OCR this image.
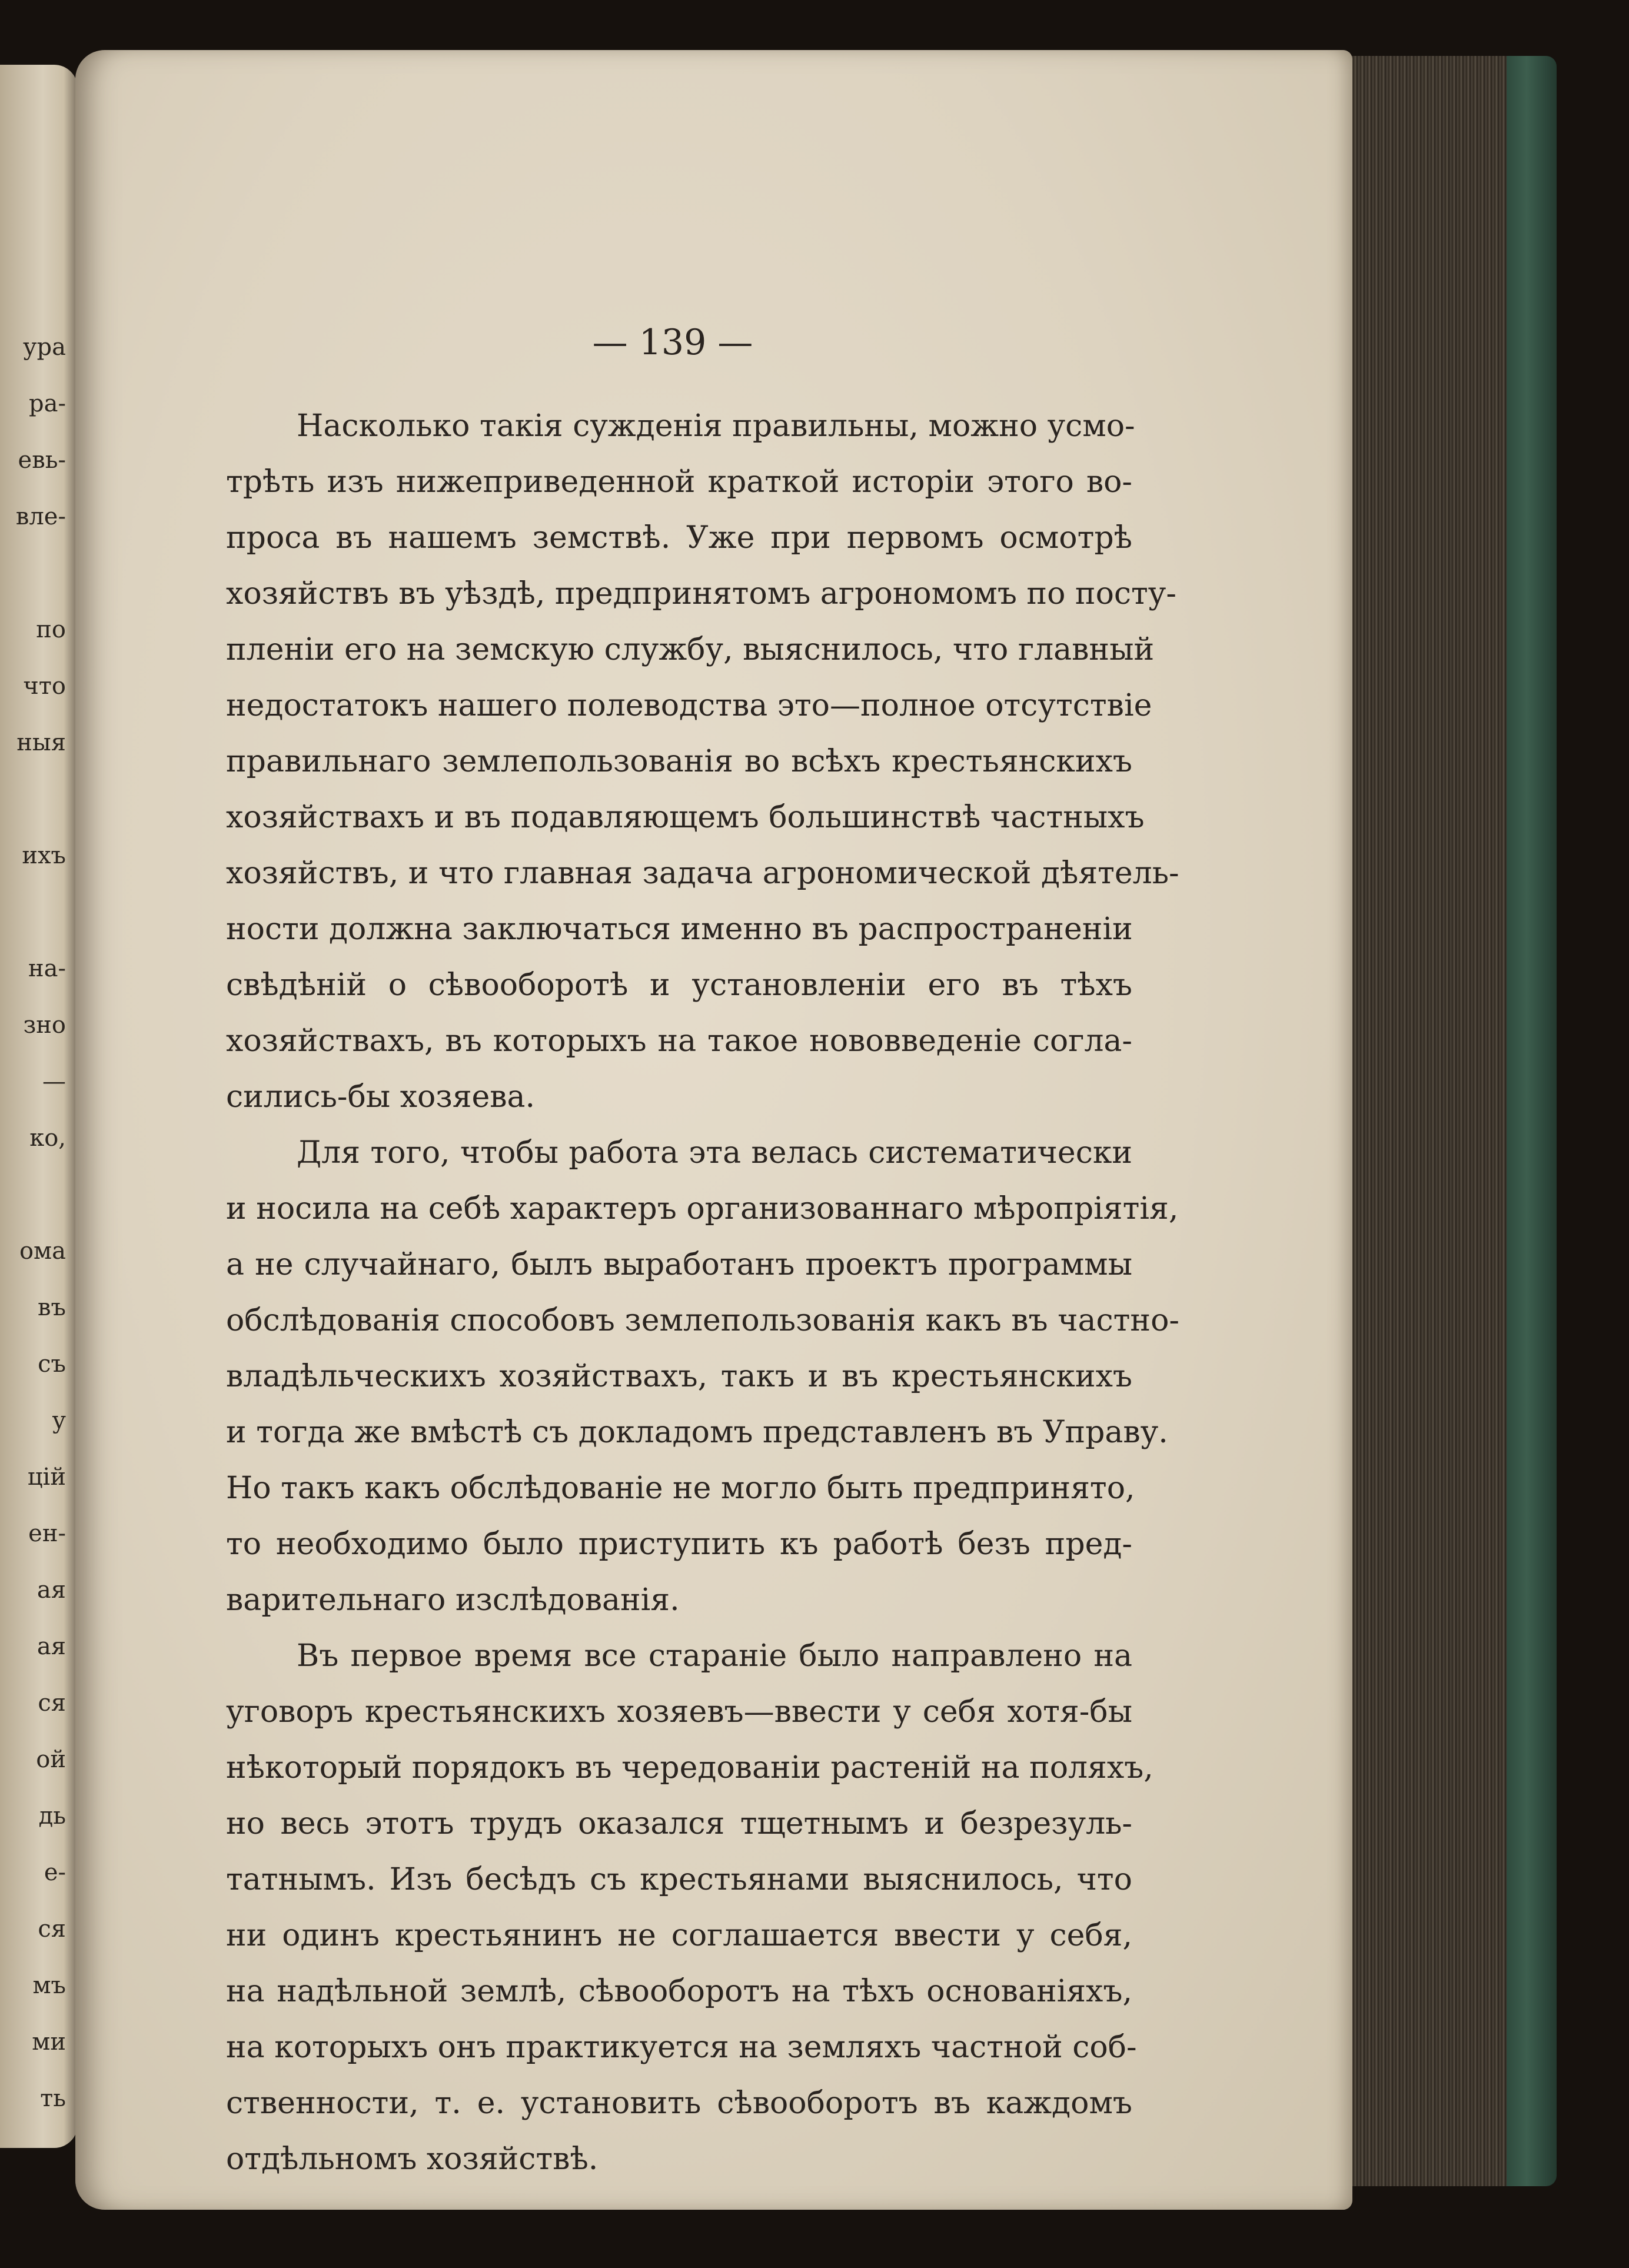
ура
ра-
евь-
вле-
по
что
ныя
ихъ
на-
зно
—
ко,
ома
въ
съ
у
цій
ен-
ая
ая
ся
ой
дь
е-
ся
мъ
ми
ть
— 139 —
Насколько такія сужденія правильны, можно усмо-
трѣть изъ нижеприведенной краткой исторіи этого во-
проса въ нашемъ земствѣ. Уже при первомъ осмотрѣ
хозяйствъ въ уѣздѣ, предпринятомъ агрономомъ по посту-
пленіи его на земскую службу, выяснилось, что главный
недостатокъ нашего полеводства это—полное отсутствіе
правильнаго землепользованія во всѣхъ крестьянскихъ
хозяйствахъ и въ подавляющемъ большинствѣ частныхъ
хозяйствъ, и что главная задача агрономической дѣятель-
ности должна заключаться именно въ распространеніи
свѣдѣній о сѣвооборотѣ и установленіи его въ тѣхъ
хозяйствахъ, въ которыхъ на такое нововведеніе согла-
сились-бы хозяева.
Для того, чтобы работа эта велась систематически
и носила на себѣ характеръ организованнаго мѣропріятія,
а не случайнаго, былъ выработанъ проектъ программы
обслѣдованія способовъ землепользованія какъ въ частно-
владѣльческихъ хозяйствахъ, такъ и въ крестьянскихъ
и тогда же вмѣстѣ съ докладомъ представленъ въ Управу.
Но такъ какъ обслѣдованіе не могло быть предпринято,
то необходимо было приступить къ работѣ безъ пред-
варительнаго изслѣдованія.
Въ первое время все стараніе было направлено на
уговоръ крестьянскихъ хозяевъ—ввести у себя хотя-бы
нѣкоторый порядокъ въ чередованіи растеній на поляхъ,
но весь этотъ трудъ оказался тщетнымъ и безрезуль-
татнымъ. Изъ бесѣдъ съ крестьянами выяснилось, что
ни одинъ крестьянинъ не соглашается ввести у себя,
на надѣльной землѣ, сѣвооборотъ на тѣхъ основаніяхъ,
на которыхъ онъ практикуется на земляхъ частной соб-
ственности, т. е. установить сѣвооборотъ въ каждомъ
отдѣльномъ хозяйствѣ.
